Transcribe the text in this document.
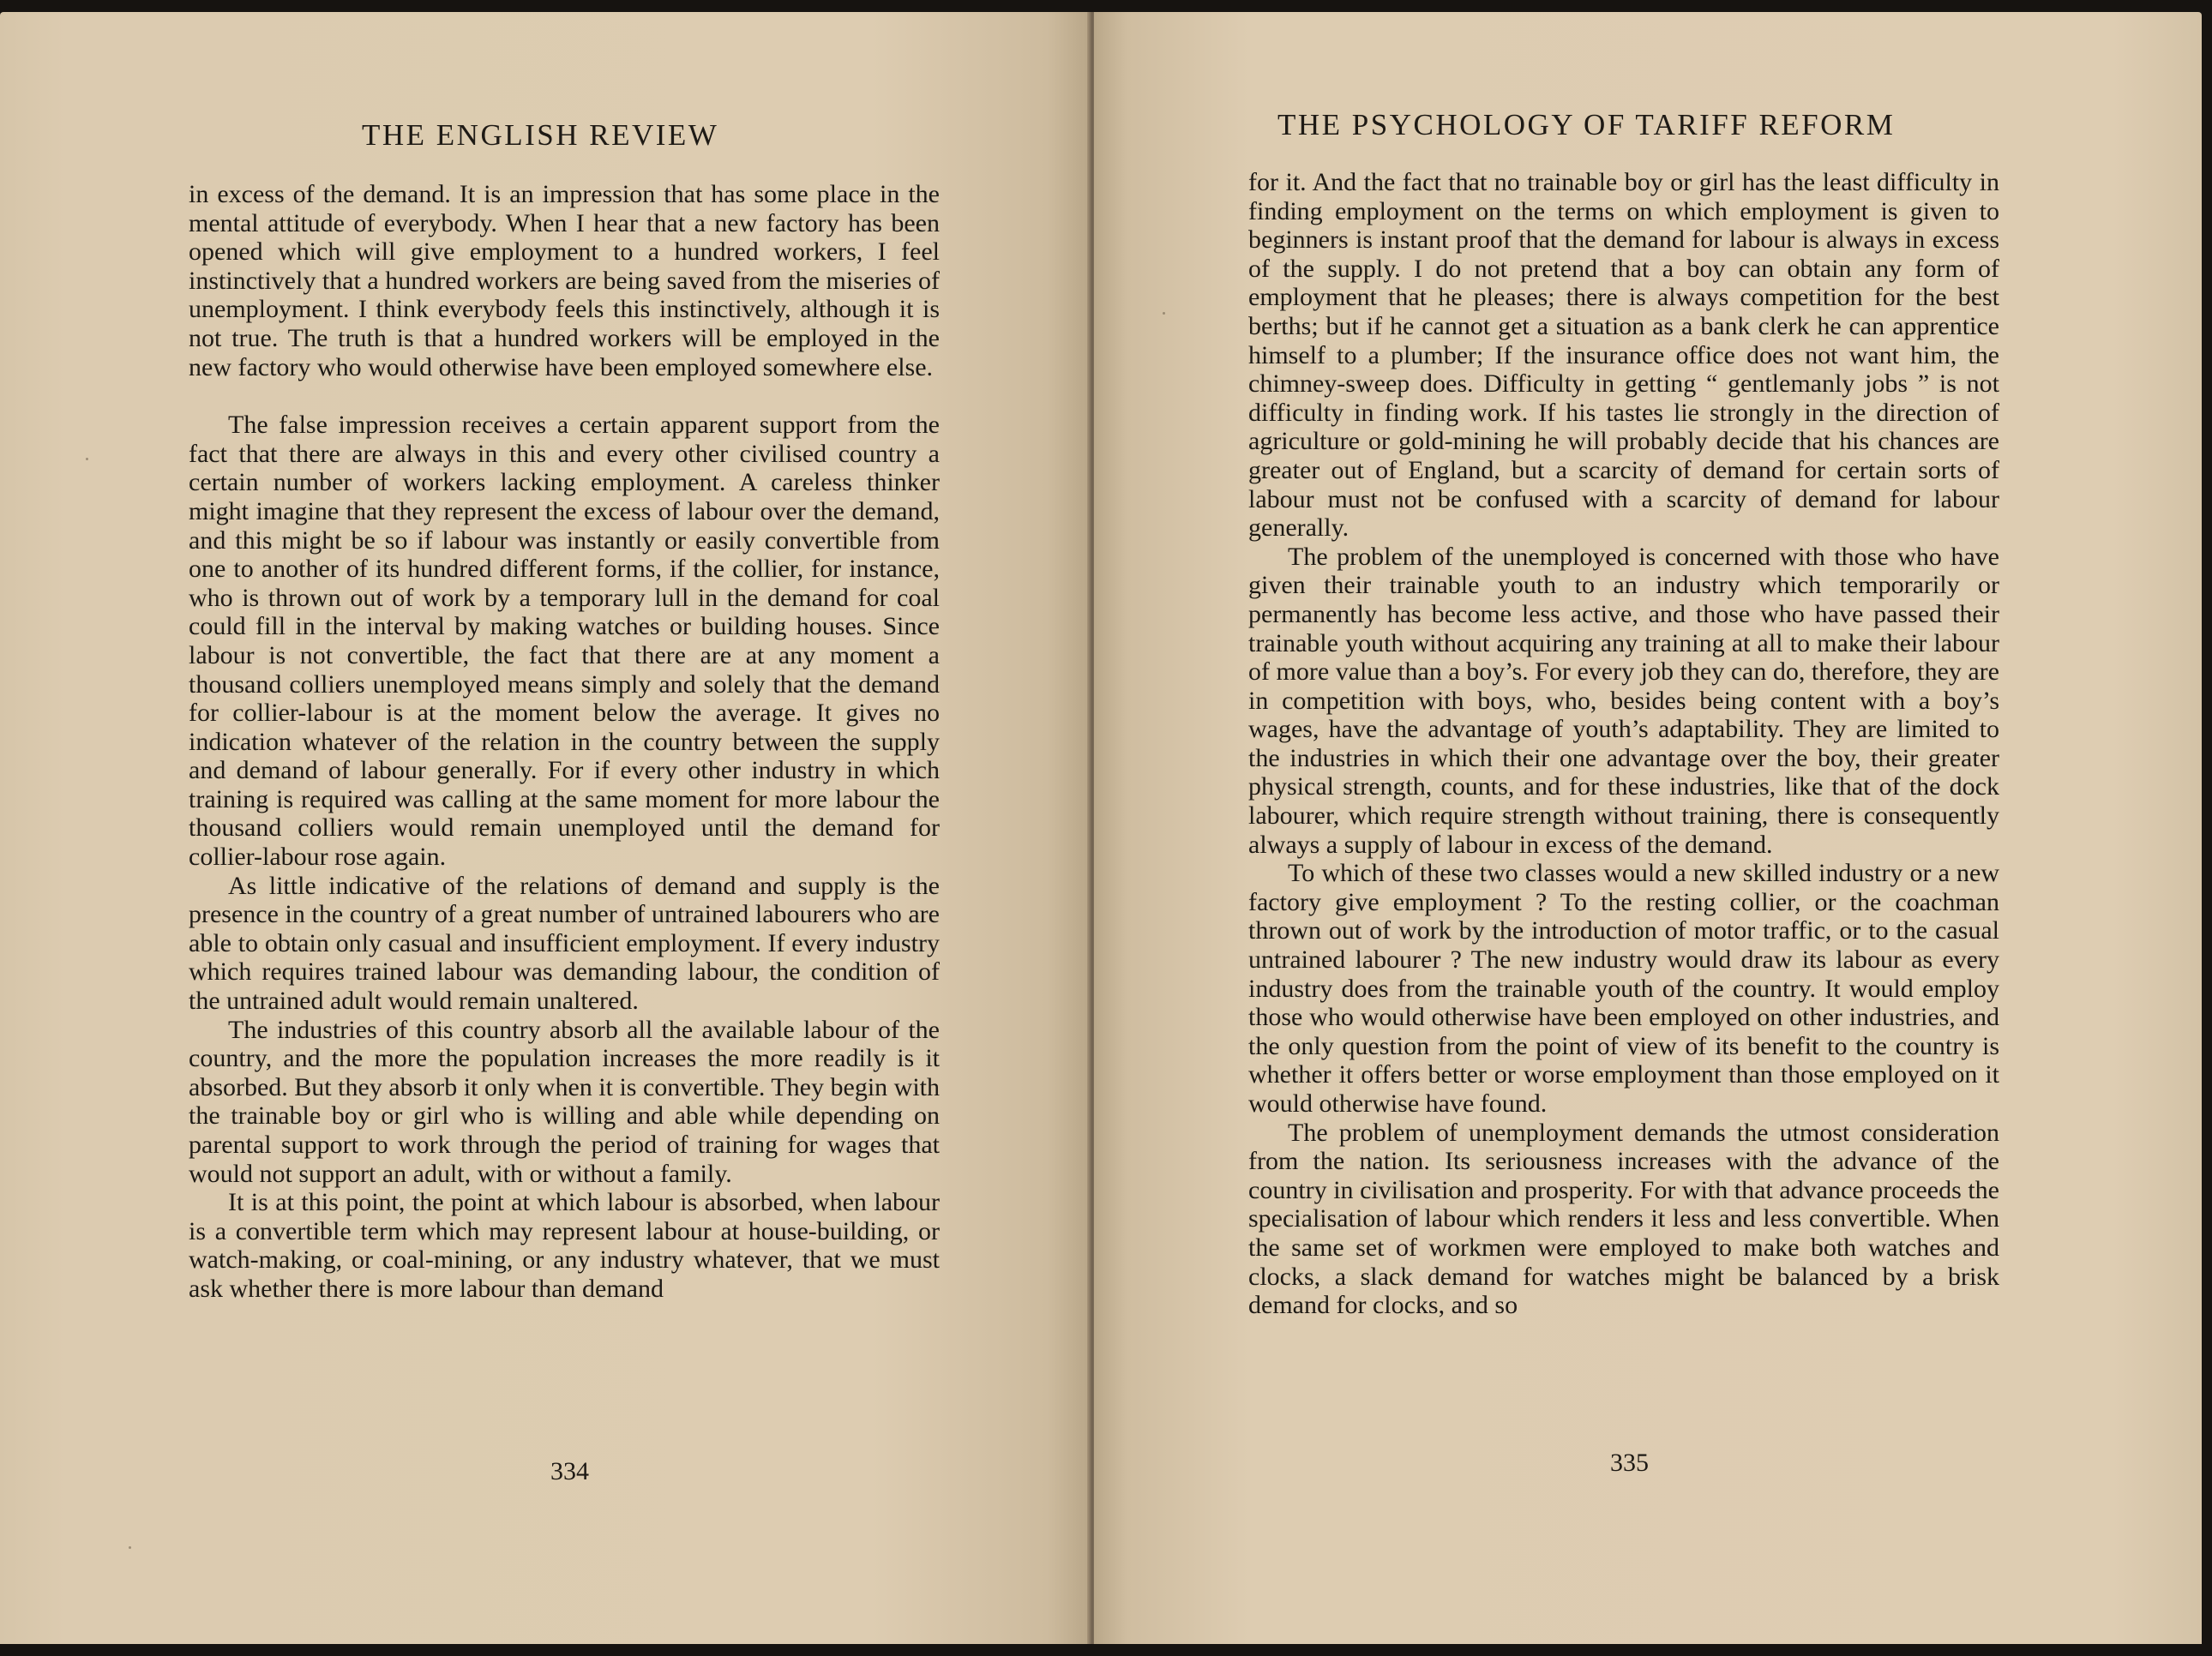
THE ENGLISH REVIEW

in excess of the demand. It is an impression that has some place in the mental attitude of everybody. When I hear that a new factory has been opened which will give employment to a hundred workers, I feel instinctively that a hundred workers are being saved from the miseries of unemployment. I think everybody feels this instinctively, although it is not true. The truth is that a hundred workers will be employed in the new factory who would otherwise have been employed somewhere else.

The false impression receives a certain apparent support from the fact that there are always in this and every other civilised country a certain number of workers lacking employment. A careless thinker might imagine that they represent the excess of labour over the demand, and this might be so if labour was instantly or easily convertible from one to another of its hundred different forms, if the collier, for instance, who is thrown out of work by a temporary lull in the demand for coal could fill in the interval by making watches or building houses. Since labour is not convertible, the fact that there are at any moment a thousand colliers unemployed means simply and solely that the demand for collier-labour is at the moment below the average. It gives no indication whatever of the relation in the country between the supply and demand of labour generally. For if every other industry in which training is required was calling at the same moment for more labour the thousand colliers would remain unemployed until the demand for collier-labour rose again.

As little indicative of the relations of demand and supply is the presence in the country of a great number of untrained labourers who are able to obtain only casual and insufficient employment. If every industry which requires trained labour was demanding labour, the condition of the untrained adult would remain unaltered.

The industries of this country absorb all the available labour of the country, and the more the population increases the more readily is it absorbed. But they absorb it only when it is convertible. They begin with the trainable boy or girl who is willing and able while depending on parental support to work through the period of training for wages that would not support an adult, with or without a family.

It is at this point, the point at which labour is absorbed, when labour is a convertible term which may represent labour at house-building, or watch-making, or coal-mining, or any industry whatever, that we must ask whether there is more labour than demand

334
THE PSYCHOLOGY OF TARIFF REFORM

for it. And the fact that no trainable boy or girl has the least difficulty in finding employment on the terms on which employment is given to beginners is instant proof that the demand for labour is always in excess of the supply. I do not pretend that a boy can obtain any form of employment that he pleases; there is always competition for the best berths; but if he cannot get a situation as a bank clerk he can apprentice himself to a plumber; If the insurance office does not want him, the chimney-sweep does. Difficulty in getting “ gentlemanly jobs ” is not difficulty in finding work. If his tastes lie strongly in the direction of agriculture or gold-mining he will probably decide that his chances are greater out of England, but a scarcity of demand for certain sorts of labour must not be confused with a scarcity of demand for labour generally.

The problem of the unemployed is concerned with those who have given their trainable youth to an industry which temporarily or permanently has become less active, and those who have passed their trainable youth without acquiring any training at all to make their labour of more value than a boy’s. For every job they can do, therefore, they are in competition with boys, who, besides being content with a boy’s wages, have the advantage of youth’s adaptability. They are limited to the industries in which their one advantage over the boy, their greater physical strength, counts, and for these industries, like that of the dock labourer, which require strength without training, there is consequently always a supply of labour in excess of the demand.

To which of these two classes would a new skilled industry or a new factory give employment ? To the resting collier, or the coachman thrown out of work by the introduction of motor traffic, or to the casual untrained labourer ? The new industry would draw its labour as every industry does from the trainable youth of the country. It would employ those who would otherwise have been employed on other industries, and the only question from the point of view of its benefit to the country is whether it offers better or worse employment than those employed on it would otherwise have found.

The problem of unemployment demands the utmost consideration from the nation. Its seriousness increases with the advance of the country in civilisation and prosperity. For with that advance proceeds the specialisation of labour which renders it less and less convertible. When the same set of workmen were employed to make both watches and clocks, a slack demand for watches might be balanced by a brisk demand for clocks, and so

335
